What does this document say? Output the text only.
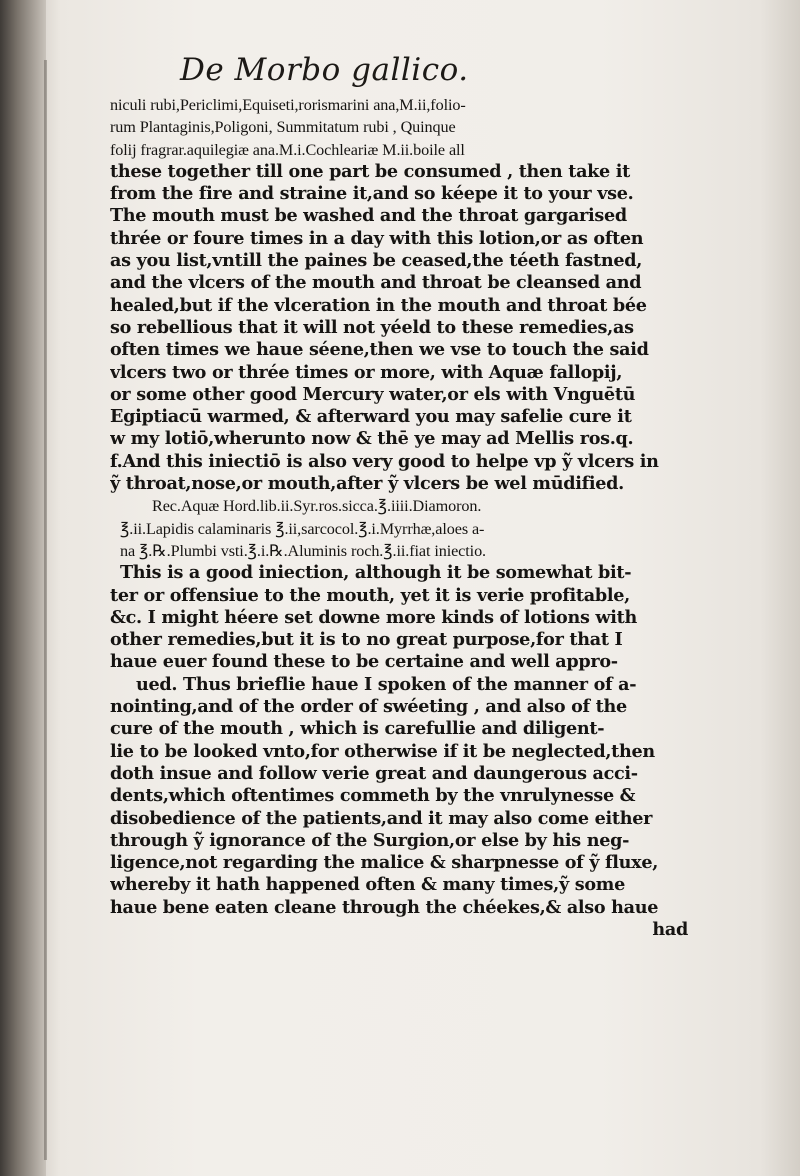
De Morbo gallico.
niculi rubi,Periclimi,Equiseti,rorismarini ana,M.ii,folio-
rum Plantaginis,Poligoni, Summitatum rubi , Quinque
folij fragrar.aquilegiæ ana.M.i.Cochleariæ M.ii.boile all
these together till one part be consumed , then take it
from the fire and straine it,and so kéepe it to your vse.
The mouth must be washed and the throat gargarised
thrée or foure times in a day with this lotion,or as often
as you list,vntill the paines be ceased,the téeth fastned,
and the vlcers of the mouth and throat be cleansed and
healed,but if the vlceration in the mouth and throat bée
so rebellious that it will not yéeld to these remedies,as
often times we haue séene,then we vse to touch the said
vlcers two or thrée times or more, with Aquæ fallopij,
or some other good Mercury water,or els with Vnguētū
Egiptiacū warmed, & afterward you may safelie cure it
w my lotiō,wherunto now & thē ye may ad Mellis ros.q.
f.And this iniectiō is also very good to helpe vp ỹ vlcers in
ỹ throat,nose,or mouth,after ỹ vlcers be wel mūdified.
Rec.Aquæ Hord.lib.ii.Syr.ros.sicca.℥.iiii.Diamoron.
℥.ii.Lapidis calaminaris ℥.ii,sarcocol.℥.i.Myrrhæ,aloes a-
na ℥.℞.Plumbi vsti.℥.i.℞.Aluminis roch.℥.ii.fiat iniectio.
This is a good iniection, although it be somewhat bit-
ter or offensiue to the mouth, yet it is verie profitable,
&c. I might héere set downe more kinds of lotions with
other remedies,but it is to no great purpose,for that I
haue euer found these to be certaine and well appro-
ued. Thus brieflie haue I spoken of the manner of a-
nointing,and of the order of swéeting , and also of the
cure of the mouth , which is carefullie and diligent-
lie to be looked vnto,for otherwise if it be neglected,then
doth insue and follow verie great and daungerous acci-
dents,which oftentimes commeth by the vnrulynesse &
disobedience of the patients,and it may also come either
through ỹ ignorance of the Surgion,or else by his neg-
ligence,not regarding the malice & sharpnesse of ỹ fluxe,
whereby it hath happened often & many times,ỹ some
haue bene eaten cleane through the chéekes,& also haue
had
